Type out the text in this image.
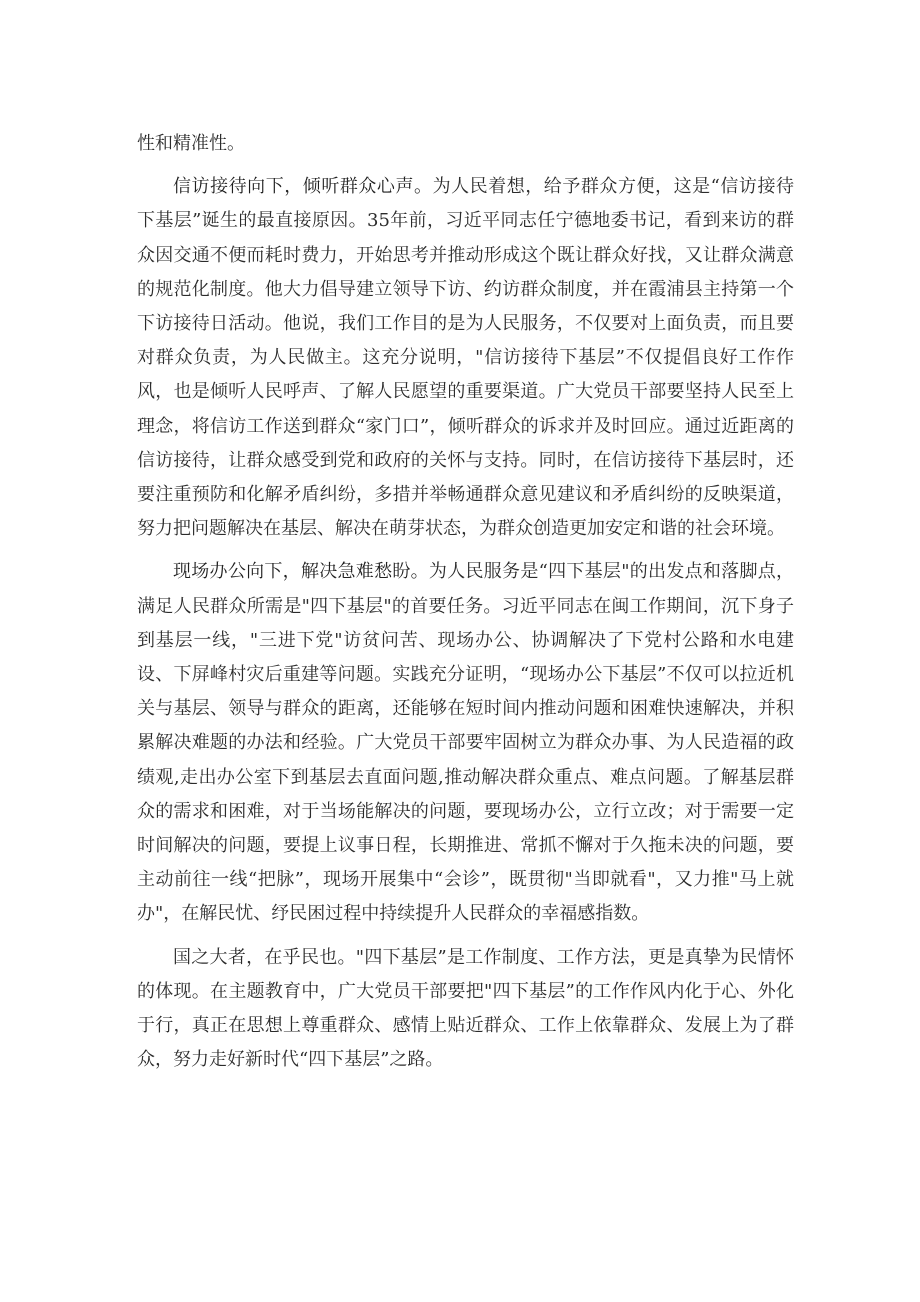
性和精准性。

信访接待向下，倾听群众心声。为人民着想，给予群众方便，这是“信访接待下基层”诞生的最直接原因。35年前，习近平同志任宁德地委书记，看到来访的群众因交通不便而耗时费力，开始思考并推动形成这个既让群众好找，又让群众满意的规范化制度。他大力倡导建立领导下访、约访群众制度，并在霞浦县主持第一个下访接待日活动。他说，我们工作目的是为人民服务，不仅要对上面负责，而且要对群众负责，为人民做主。这充分说明，"信访接待下基层”不仅提倡良好工作作风，也是倾听人民呼声、了解人民愿望的重要渠道。广大党员干部要坚持人民至上理念，将信访工作送到群众“家门口”，倾听群众的诉求并及时回应。通过近距离的信访接待，让群众感受到党和政府的关怀与支持。同时，在信访接待下基层时，还要注重预防和化解矛盾纠纷，多措并举畅通群众意见建议和矛盾纠纷的反映渠道，努力把问题解决在基层、解决在萌芽状态，为群众创造更加安定和谐的社会环境。

现场办公向下，解决急难愁盼。为人民服务是“四下基层"的出发点和落脚点，满足人民群众所需是"四下基层"的首要任务。习近平同志在闽工作期间，沉下身子到基层一线，"三进下党"访贫问苦、现场办公、协调解决了下党村公路和水电建设、下屏峰村灾后重建等问题。实践充分证明，“现场办公下基层”不仅可以拉近机关与基层、领导与群众的距离，还能够在短时间内推动问题和困难快速解决，并积累解决难题的办法和经验。广大党员干部要牢固树立为群众办事、为人民造福的政绩观,走出办公室下到基层去直面问题,推动解决群众重点、难点问题。了解基层群众的需求和困难，对于当场能解决的问题，要现场办公，立行立改；对于需要一定时间解决的问题，要提上议事日程，长期推进、常抓不懈对于久拖未决的问题，要主动前往一线“把脉”，现场开展集中“会诊”，既贯彻"当即就看"，又力推"马上就办"，在解民忧、纾民困过程中持续提升人民群众的幸福感指数。

国之大者，在乎民也。"四下基层”是工作制度、工作方法，更是真挚为民情怀的体现。在主题教育中，广大党员干部要把"四下基层”的工作作风内化于心、外化于行，真正在思想上尊重群众、感情上贴近群众、工作上依靠群众、发展上为了群众，努力走好新时代“四下基层”之路。
